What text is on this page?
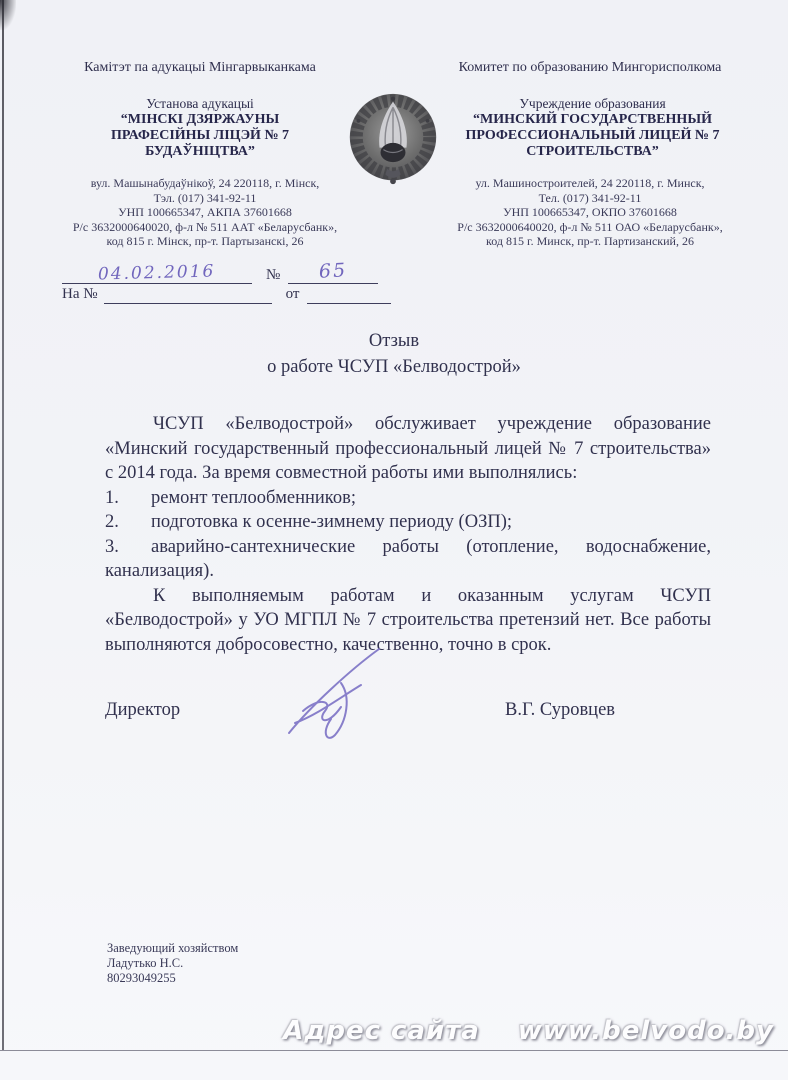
Камітэт па адукацыі Мінгарвыканкама	Комитет по образованию Мингорисполкома
Установа адукацыі
“МІНСКІ ДЗЯРЖАУНЫ
ПРАФЕСІЙНЫ ЛІЦЭЙ № 7
БУДАЎНІЦТВА”
Учреждение образования
“МИНСКИЙ ГОСУДАРСТВЕННЫЙ
ПРОФЕССИОНАЛЬНЫЙ ЛИЦЕЙ № 7
СТРОИТЕЛЬСТВА”
вул. Машынабудаўнікоў, 24 220118, г. Мінск,
Тэл. (017) 341-92-11
УНП 100665347, АКПА 37601668
Р/с 3632000640020, ф-л № 511 ААТ «Беларусбанк»,
код 815 г. Мінск, пр-т. Партызанскі, 26
ул. Машиностроителей, 24 220118, г. Минск,
Тел. (017) 341-92-11
УНП 100665347, ОКПО 37601668
Р/с 3632000640020, ф-л № 511 ОАО «Беларусбанк»,
код 815 г. Минск, пр-т. Партизанский, 26
04.02.2016	№	65
На №
	от

Отзыв
о работе ЧСУП «Белводострой»

ЧСУП «Белводострой» обслуживает учреждение образование «Минский государственный профессиональный лицей № 7 строительства» с 2014 года. За время совместной работы ими выполнялись:

1. ремонт теплообменников;
2. подготовка к осенне-зимнему периоду (ОЗП);
3. аварийно-сантехнические работы (отопление, водоснабжение, канализация).

К выполняемым работам и оказанным услугам ЧСУП «Белводострой» у УО МГПЛ № 7 строительства претензий нет. Все работы выполняются добросовестно, качественно, точно в срок.

Директор	В.Г. Суровцев
Заведующий хозяйством
Ладутько Н.С.
80293049255
Адрес сайта www.belvodo.by
